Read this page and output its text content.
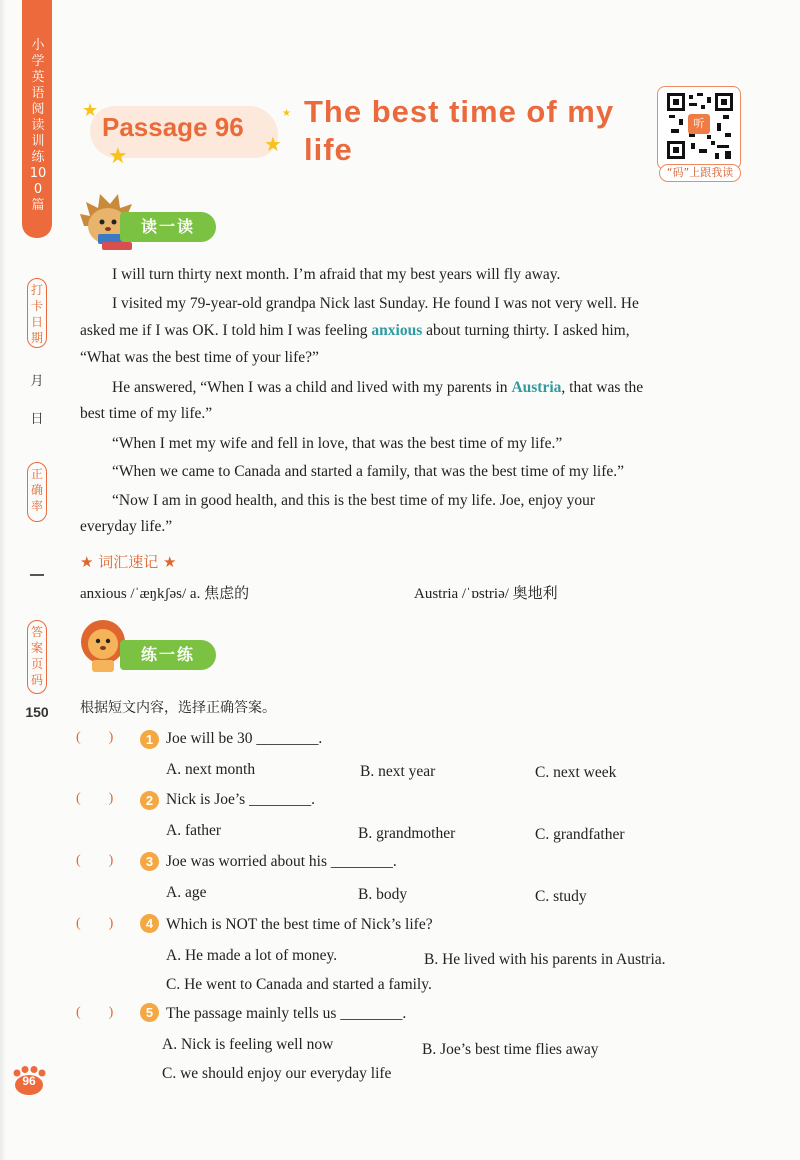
小学英语阅读训练100篇
打卡日期
月
日
正确率
答案页码
150
★
★	★
★
Passage 96 The best time of my
life
听
“码”上跟我读
读一读
I will turn thirty next month. I’m afraid that my best years will fly away.
I visited my 79-year-old grandpa Nick last Sunday. He found I was not very well. He
asked me if I was OK. I told him I was feeling anxious about turning thirty. I asked him,
“What was the best time of your life?”
He answered, “When I was a child and lived with my parents in Austria, that was the
best time of my life.”
“When I met my wife and fell in love, that was the best time of my life.”
“When we came to Canada and started a family, that was the best time of my life.”
“Now I am in good health, and this is the best time of my life. Joe, enjoy your
everyday life.”
★ 词汇速记 ★
anxious /ˈæŋkʃəs/ a. 焦虑的	Austria /ˈɒstriə/ 奥地利
练一练
根据短文内容，选择正确答案。
(        )	1 Joe will be 30 ________.
A. next month	B. next year	C. next week
(        )	2 Nick is Joe’s ________.
A. father	B. grandmother	C. grandfather
(        )	3 Joe was worried about his ________.
A. age	B. body	C. study
(        )	4 Which is NOT the best time of Nick’s life?
A. He made a lot of money.	B. He lived with his parents in Austria.
C. He went to Canada and started a family.
(        )	5 The passage mainly tells us ________.
A. Nick is feeling well now	B. Joe’s best time flies away
C. we should enjoy our everyday life
96
